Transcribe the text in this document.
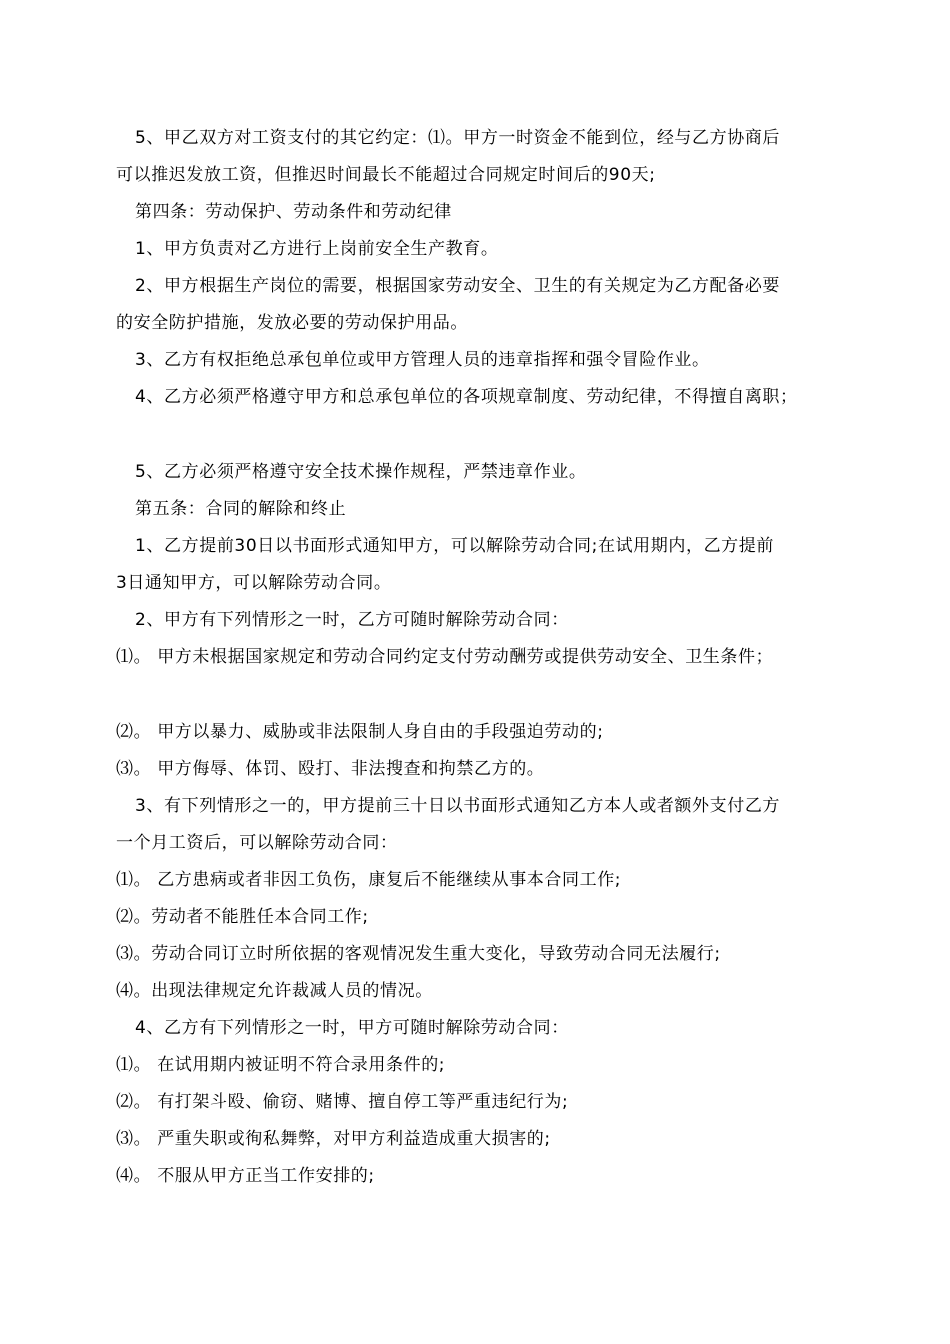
5、甲乙双方对工资支付的其它约定：⑴。甲方一时资金不能到位，经与乙方协商后
可以推迟发放工资，但推迟时间最长不能超过合同规定时间后的90天;
第四条：劳动保护、劳动条件和劳动纪律
1、甲方负责对乙方进行上岗前安全生产教育。
2、甲方根据生产岗位的需要，根据国家劳动安全、卫生的有关规定为乙方配备必要
的安全防护措施，发放必要的劳动保护用品。
3、乙方有权拒绝总承包单位或甲方管理人员的违章指挥和强令冒险作业。
4、乙方必须严格遵守甲方和总承包单位的各项规章制度、劳动纪律，不得擅自离职；
5、乙方必须严格遵守安全技术操作规程，严禁违章作业。
第五条：合同的解除和终止
1、乙方提前30日以书面形式通知甲方，可以解除劳动合同;在试用期内，乙方提前
3日通知甲方，可以解除劳动合同。
2、甲方有下列情形之一时，乙方可随时解除劳动合同：
⑴。 甲方未根据国家规定和劳动合同约定支付劳动酬劳或提供劳动安全、卫生条件；
⑵。 甲方以暴力、威胁或非法限制人身自由的手段强迫劳动的;
⑶。 甲方侮辱、体罚、殴打、非法搜查和拘禁乙方的。
3、有下列情形之一的，甲方提前三十日以书面形式通知乙方本人或者额外支付乙方
一个月工资后，可以解除劳动合同：
⑴。 乙方患病或者非因工负伤，康复后不能继续从事本合同工作;
⑵。劳动者不能胜任本合同工作;
⑶。劳动合同订立时所依据的客观情况发生重大变化，导致劳动合同无法履行;
⑷。出现法律规定允许裁减人员的情况。
4、乙方有下列情形之一时，甲方可随时解除劳动合同：
⑴。 在试用期内被证明不符合录用条件的;
⑵。 有打架斗殴、偷窃、赌博、擅自停工等严重违纪行为;
⑶。 严重失职或徇私舞弊，对甲方利益造成重大损害的;
⑷。 不服从甲方正当工作安排的;
